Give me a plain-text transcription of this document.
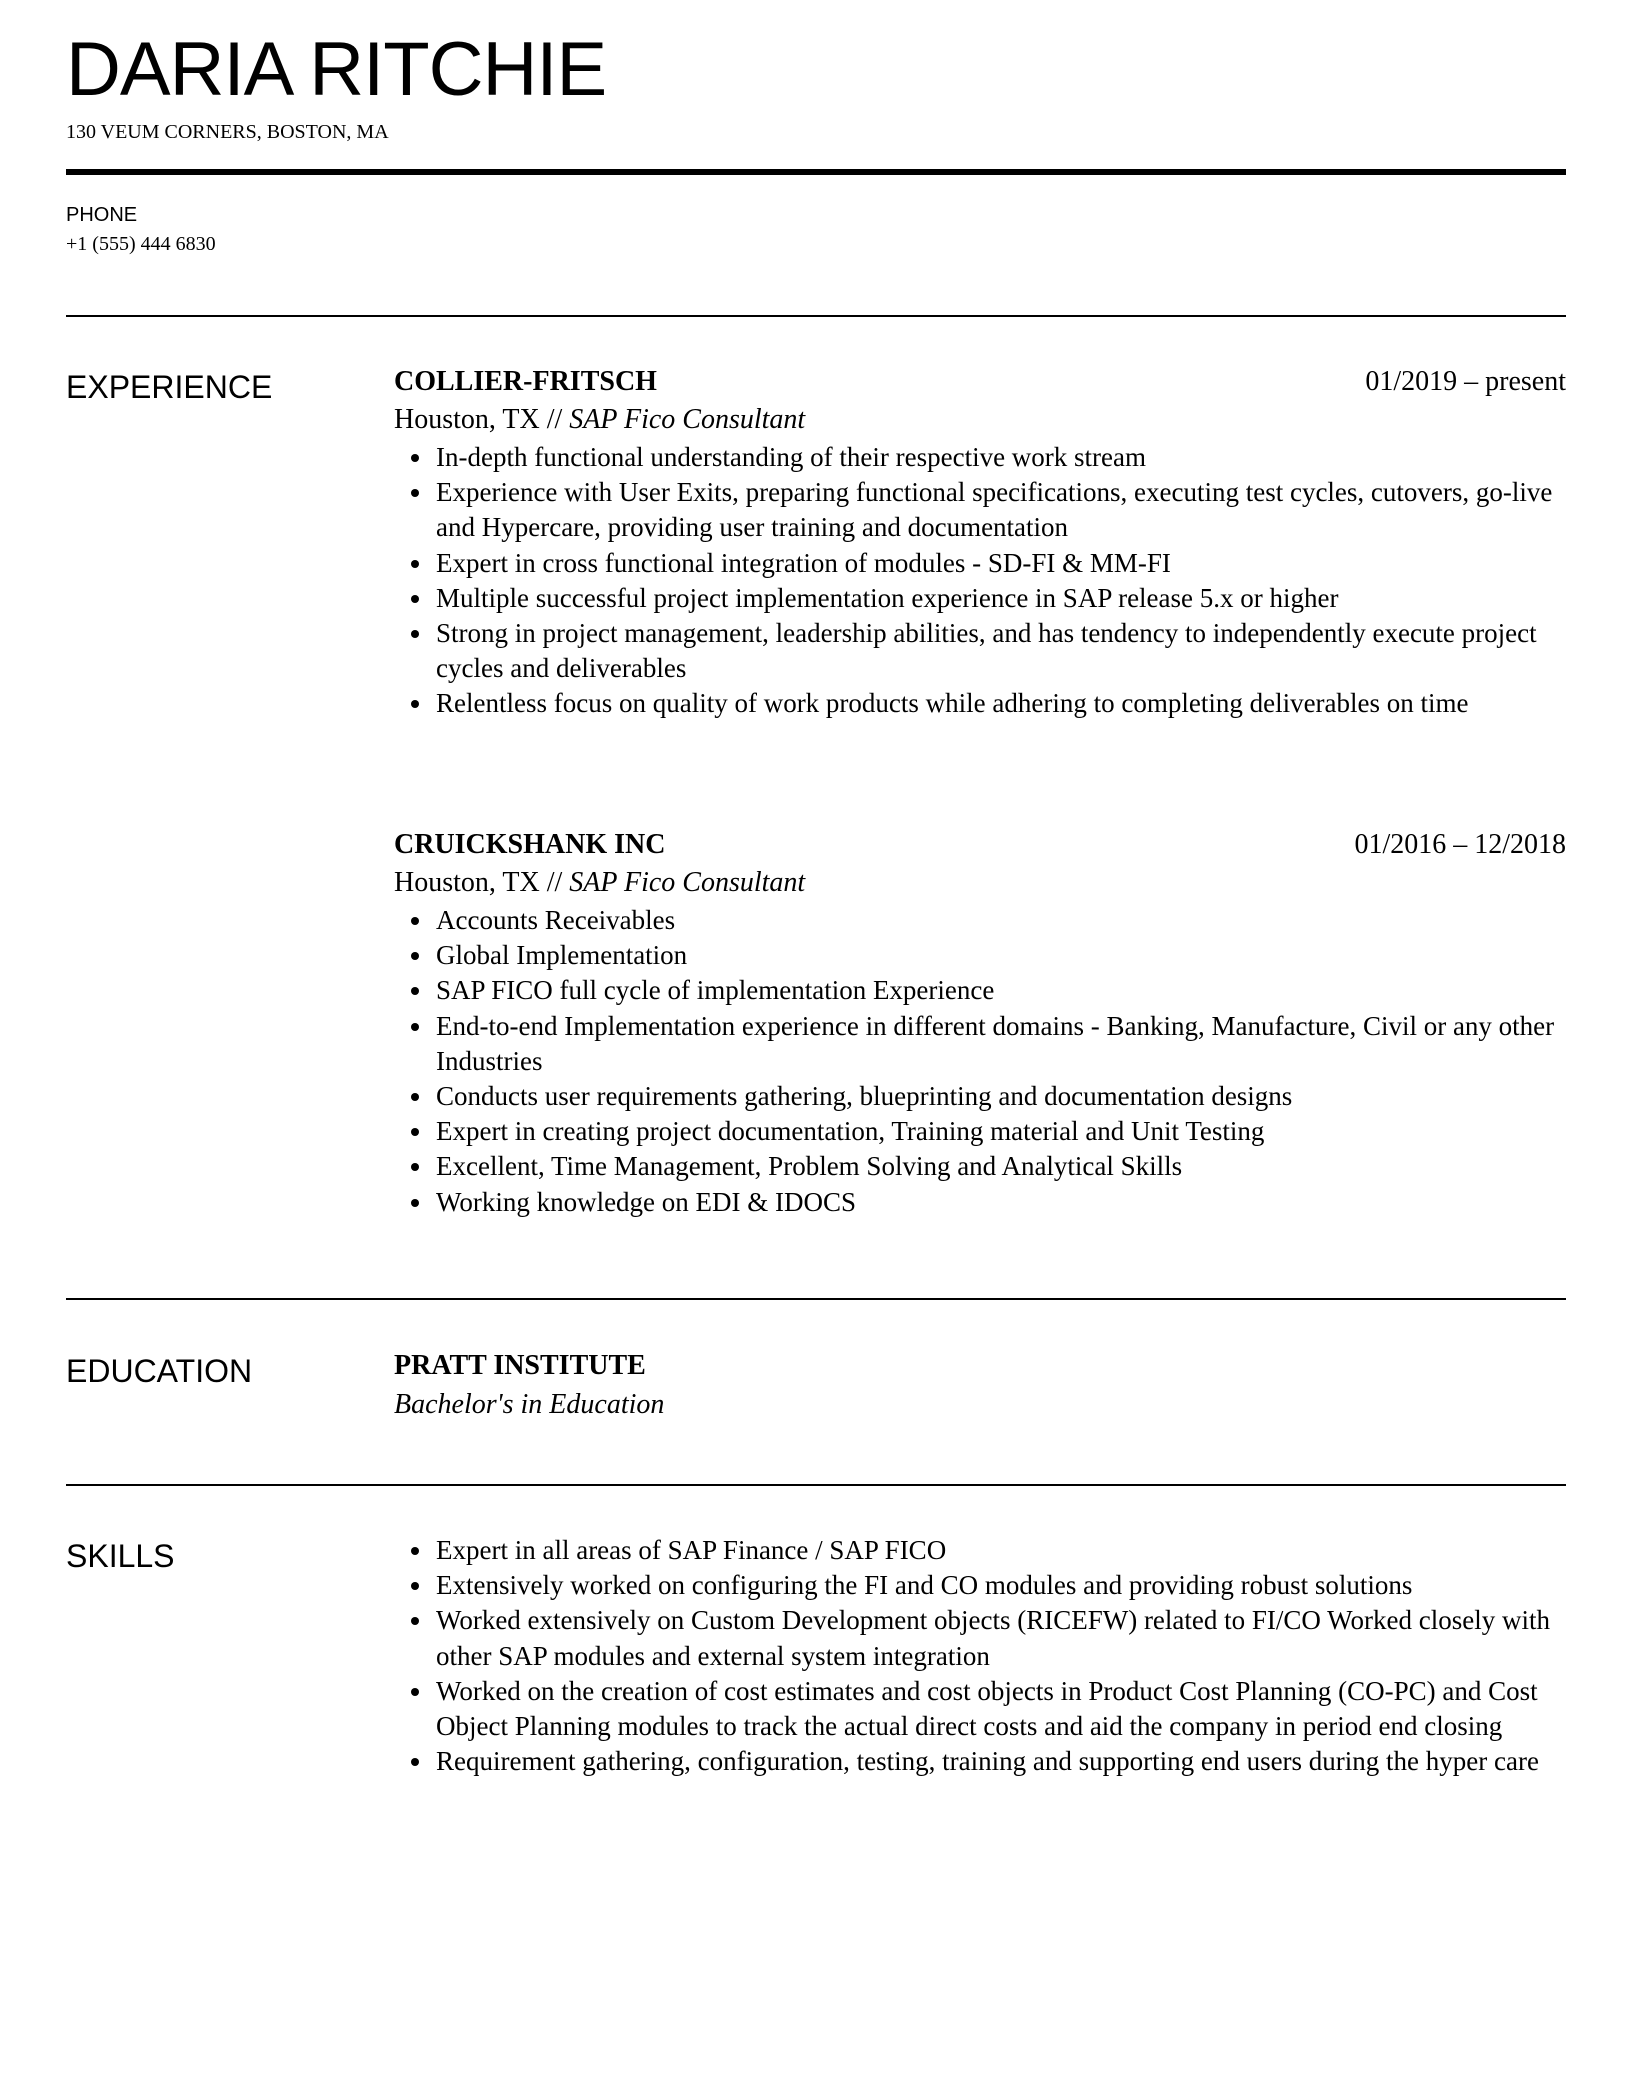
DARIA RITCHIE
130 VEUM CORNERS, BOSTON, MA
PHONE
+1 (555) 444 6830
EXPERIENCE	COLLIER-FRITSCH	01/2019 – present
Houston, TX // SAP Fico Consultant
In-depth functional understanding of their respective work stream
Experience with User Exits, preparing functional specifications, executing test cycles, cutovers, go-live and Hypercare, providing user training and documentation
Expert in cross functional integration of modules - SD-FI & MM-FI
Multiple successful project implementation experience in SAP release 5.x or higher
Strong in project management, leadership abilities, and has tendency to independently execute project cycles and deliverables
Relentless focus on quality of work products while adhering to completing deliverables on time
CRUICKSHANK INC	01/2016 – 12/2018
Houston, TX // SAP Fico Consultant
Accounts Receivables
Global Implementation
SAP FICO full cycle of implementation Experience
End-to-end Implementation experience in different domains - Banking, Manufacture, Civil or any other Industries
Conducts user requirements gathering, blueprinting and documentation designs
Expert in creating project documentation, Training material and Unit Testing
Excellent, Time Management, Problem Solving and Analytical Skills
Working knowledge on EDI & IDOCS
EDUCATION	PRATT INSTITUTE
Bachelor's in Education
SKILLS	Expert in all areas of SAP Finance / SAP FICO
Extensively worked on configuring the FI and CO modules and providing robust solutions
Worked extensively on Custom Development objects (RICEFW) related to FI/CO Worked closely with other SAP modules and external system integration
Worked on the creation of cost estimates and cost objects in Product Cost Planning (CO-PC) and Cost Object Planning modules to track the actual direct costs and aid the company in period end closing
Requirement gathering, configuration, testing, training and supporting end users during the hyper care
